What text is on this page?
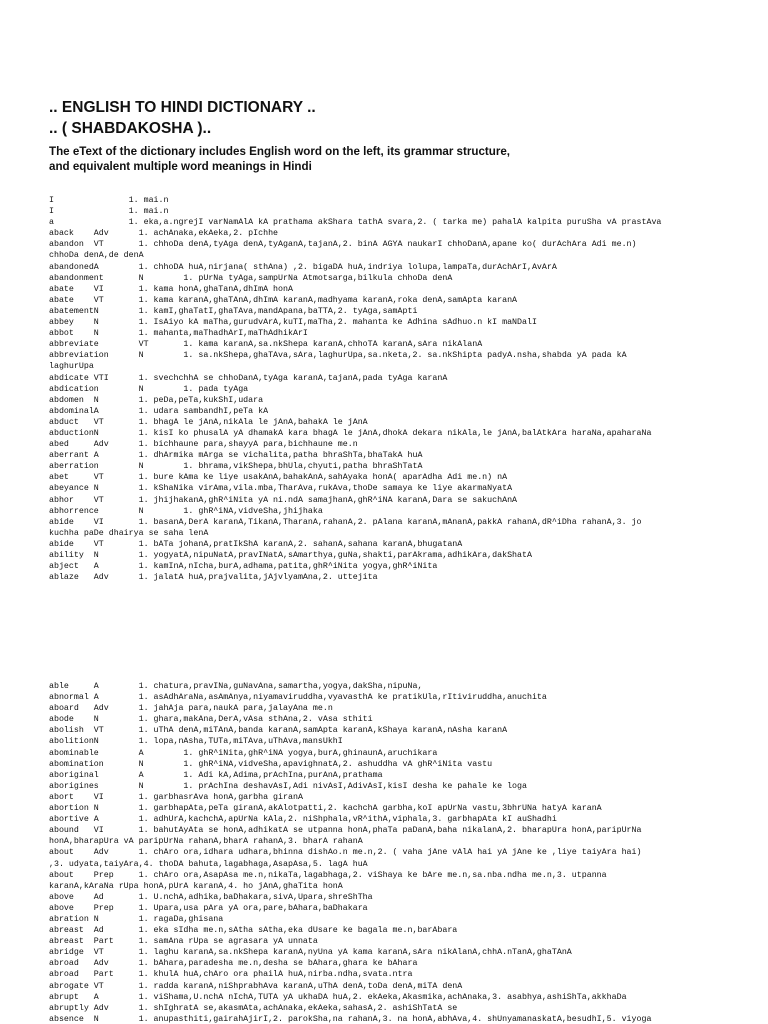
.. ENGLISH TO HINDI DICTIONARY ..
.. ( SHABDAKOSHA )..
The eText of the dictionary includes English word on the left, its grammar structure,
and equivalent multiple word meanings in Hindi
I               1. mai.n
I               1. mai.n
a               1. eka,a.ngrejI varNamAlA kA prathama akShara tathA svara,2. ( tarka me) pahalA kalpita puruSha vA prastAva
aback    Adv      1. achAnaka,ekAeka,2. pIchhe
abandon  VT       1. chhoDa denA,tyAga denA,tyAganA,tajanA,2. binA AGYA naukarI chhoDanA,apane ko( durAchAra Adi me.n)
chhoDa denA,de denA
abandonedA        1. chhoDA huA,nirjana( sthAna) ,2. bigaDA huA,indriya lolupa,lampaTa,durAchArI,AvArA
abandonment       N        1. pUrNa tyAga,sampUrNa Atmotsarga,bilkula chhoDa denA
abate    VI       1. kama honA,ghaTanA,dhImA honA
abate    VT       1. kama karanA,ghaTAnA,dhImA karanA,madhyama karanA,roka denA,samApta karanA
abatementN        1. kamI,ghaTatI,ghaTAva,mandApana,baTTA,2. tyAga,samApti
abbey    N        1. IsAiyo kA maTha,gurudvArA,kuTI,maTha,2. mahanta ke Adhina sAdhuo.n kI maNDalI
abbot    N        1. mahanta,maThadhArI,maThAdhikArI
abbreviate        VT       1. kama karanA,sa.nkShepa karanA,chhoTA karanA,sAra nikAlanA
abbreviation      N        1. sa.nkShepa,ghaTAva,sAra,laghurUpa,sa.nketa,2. sa.nkShipta padyA.nsha,shabda yA pada kA
laghurUpa
abdicate VTI      1. svechchhA se chhoDanA,tyAga karanA,tajanA,pada tyAga karanA
abdication        N        1. pada tyAga
abdomen  N        1. peDa,peTa,kukShI,udara
abdominalA        1. udara sambandhI,peTa kA
abduct   VT       1. bhagA le jAnA,nikAla le jAnA,bahakA le jAnA
abductionN        1. kisI ko phusalA yA dhamakA kara bhagA le jAnA,dhokA dekara nikAla,le jAnA,balAtkAra haraNa,apaharaNa
abed     Adv      1. bichhaune para,shayyA para,bichhaune me.n
aberrant A        1. dhArmika mArga se vichalita,patha bhraShTa,bhaTakA huA
aberration        N        1. bhrama,vikShepa,bhUla,chyuti,patha bhraShTatA
abet     VT       1. bure kAma ke liye usakAnA,bahakAnA,sahAyaka honA( aparAdha Adi me.n) nA
abeyance N        1. kShaNika virAma,vila.mba,TharAva,rukAva,thoDe samaya ke liye akarmaNyatA
abhor    VT       1. jhijhakanA,ghR^iNita yA ni.ndA samajhanA,ghR^iNA karanA,Dara se sakuchAnA
abhorrence        N        1. ghR^iNA,vidveSha,jhijhaka
abide    VI       1. basanA,DerA karanA,TikanA,TharanA,rahanA,2. pAlana karanA,mAnanA,pakkA rahanA,dR^iDha rahanA,3. jo
kuchha paDe dhairya se saha lenA
abide    VT       1. bATa johanA,pratIkShA karanA,2. sahanA,sahana karanA,bhugatanA
ability  N        1. yogyatA,nipuNatA,pravINatA,sAmarthya,guNa,shakti,parAkrama,adhikAra,dakShatA
abject   A        1. kamInA,nIcha,burA,adhama,patita,ghR^iNita yogya,ghR^iNita
ablaze   Adv      1. jalatA huA,prajvalita,jAjvlyamAna,2. uttejita
able     A        1. chatura,pravINa,guNavAna,samartha,yogya,dakSha,nipuNa,
abnormal A        1. asAdhAraNa,asAmAnya,niyamaviruddha,vyavasthA ke pratikUla,rItiviruddha,anuchita
aboard   Adv      1. jahAja para,naukA para,jalayAna me.n
abode    N        1. ghara,makAna,DerA,vAsa sthAna,2. vAsa sthiti
abolish  VT       1. uThA denA,miTAnA,banda karanA,samApta karanA,kShaya karanA,nAsha karanA
abolitionN        1. lopa,nAsha,TUTa,miTAva,uThAva,mansUkhI
abominable        A        1. ghR^iNita,ghR^iNA yogya,burA,ghinaunA,aruchikara
abomination       N        1. ghR^iNA,vidveSha,apavighnatA,2. ashuddha vA ghR^iNita vastu
aboriginal        A        1. Adi kA,Adima,prAchIna,purAnA,prathama
aborigines        N        1. prAchIna deshavAsI,Adi nivAsI,AdivAsI,kisI desha ke pahale ke loga
abort    VI       1. garbhasrAva honA,garbha giranA
abortion N        1. garbhapAta,peTa giranA,akAlotpatti,2. kachchA garbha,koI apUrNa vastu,3bhrUNa hatyA karanA
abortive A        1. adhUrA,kachchA,apUrNa kAla,2. niShphala,vR^ithA,viphala,3. garbhapAta kI auShadhi
abound   VI       1. bahutAyAta se honA,adhikatA se utpanna honA,phaTa paDanA,baha nikalanA,2. bharapUra honA,paripUrNa
honA,bharapUra vA paripUrNa rahanA,bharA rahanA,3. bharA rahanA
about    Adv      1. chAro ora,idhara udhara,bhinna dishAo.n me.n,2. ( vaha jAne vAlA hai yA jAne ke ,liye taiyAra hai)
,3. udyata,taiyAra,4. thoDA bahuta,lagabhaga,AsapAsa,5. lagA huA
about    Prep     1. chAro ora,AsapAsa me.n,nikaTa,lagabhaga,2. viShaya ke bAre me.n,sa.nba.ndha me.n,3. utpanna
karanA,kAraNa rUpa honA,pUrA karanA,4. ho jAnA,ghaTita honA
above    Ad       1. U.nchA,adhika,baDhakara,sivA,Upara,shreShTha
above    Prep     1. Upara,usa pAra yA ora,pare,bAhara,baDhakara
abration N        1. ragaDa,ghisana
abreast  Ad       1. eka sIdha me.n,sAtha sAtha,eka dUsare ke bagala me.n,barAbara
abreast  Part     1. samAna rUpa se agrasara yA unnata
abridge  VT       1. laghu karanA,sa.nkShepa karanA,nyUna yA kama karanA,sAra nikAlanA,chhA.nTanA,ghaTAnA
abroad   Adv      1. bAhara,paradesha me.n,desha se bAhara,ghara ke bAhara
abroad   Part     1. khulA huA,chAro ora phailA huA,nirba.ndha,svata.ntra
abrogate VT       1. radda karanA,niShprabhAva karanA,uThA denA,toDa denA,miTA denA
abrupt   A        1. viShama,U.nchA nIchA,TUTA yA ukhaDA huA,2. ekAeka,Akasmika,achAnaka,3. asabhya,ashiShTa,akkhaDa
abruptly Adv      1. shIghratA se,akasmAta,achAnaka,ekAeka,sahasA,2. ashiShTatA se
absence  N        1. anupasthiti,gairahAjirI,2. parokSha,na rahanA,3. na honA,abhAva,4. shUnyamanaskatA,besudhI,5. viyoga
